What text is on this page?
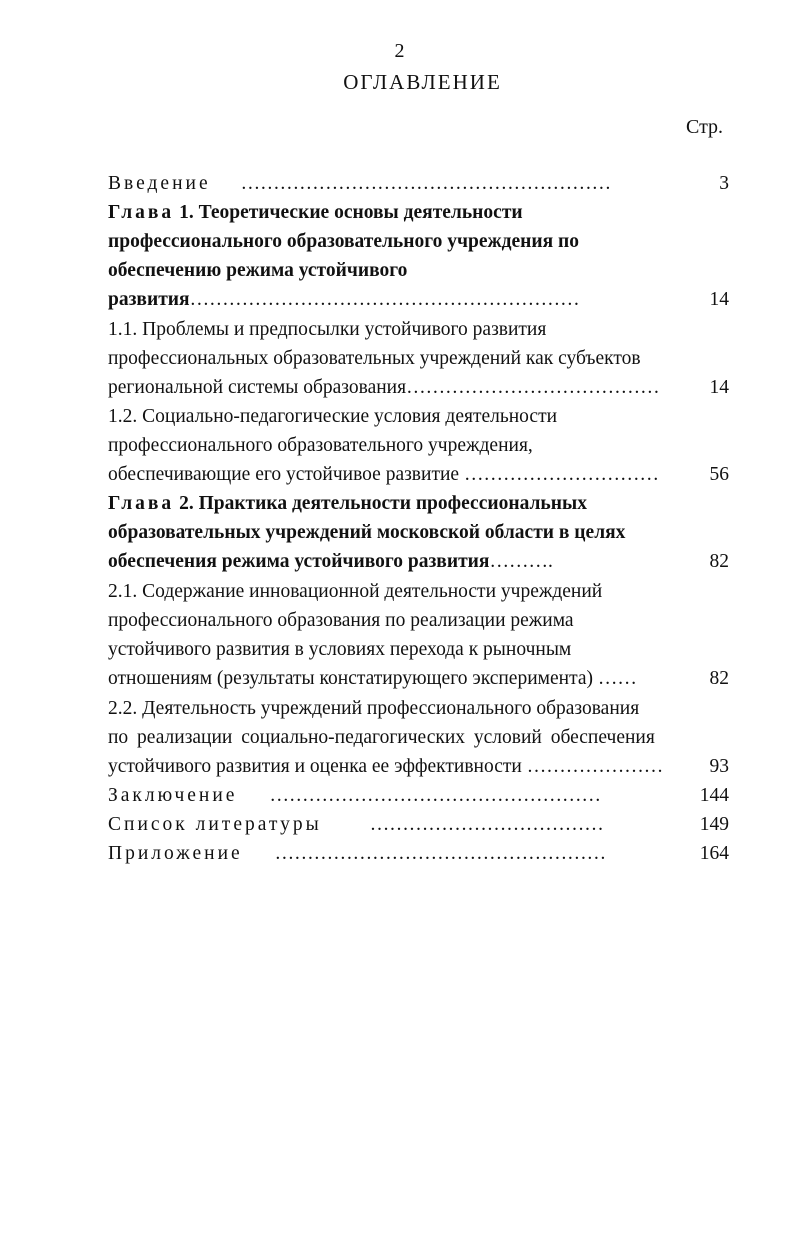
2
ОГЛАВЛЕНИЕ
Стр.
Введение …………………………………………………	3
Глава 1. Теоретические основы деятельности
профессионального образовательного учреждения по
обеспечению режима устойчивого
развития……………………………………………………	14
1.1. Проблемы и предпосылки устойчивого развития
профессиональных образовательных учреждений как субъектов
региональной системы образования…………………………………	14
1.2. Социально-педагогические условия деятельности
профессионального образовательного учреждения,
обеспечивающие его устойчивое развитие …………………………	56
Глава 2. Практика деятельности профессиональных
образовательных учреждений московской области в целях
обеспечения режима устойчивого развития……….	82
2.1. Содержание инновационной деятельности учреждений
профессионального образования по реализации режима
устойчивого развития в условиях перехода к рыночным
отношениям (результаты констатирующего эксперимента) ……	82
2.2. Деятельность учреждений профессионального образования
по реализации социально-педагогических условий обеспечения
устойчивого развития и оценка ее эффективности ………………… 93
Заключение ……………………………………………	144
Список литературы ………………………………	149
Приложение ……………………………………………	164
